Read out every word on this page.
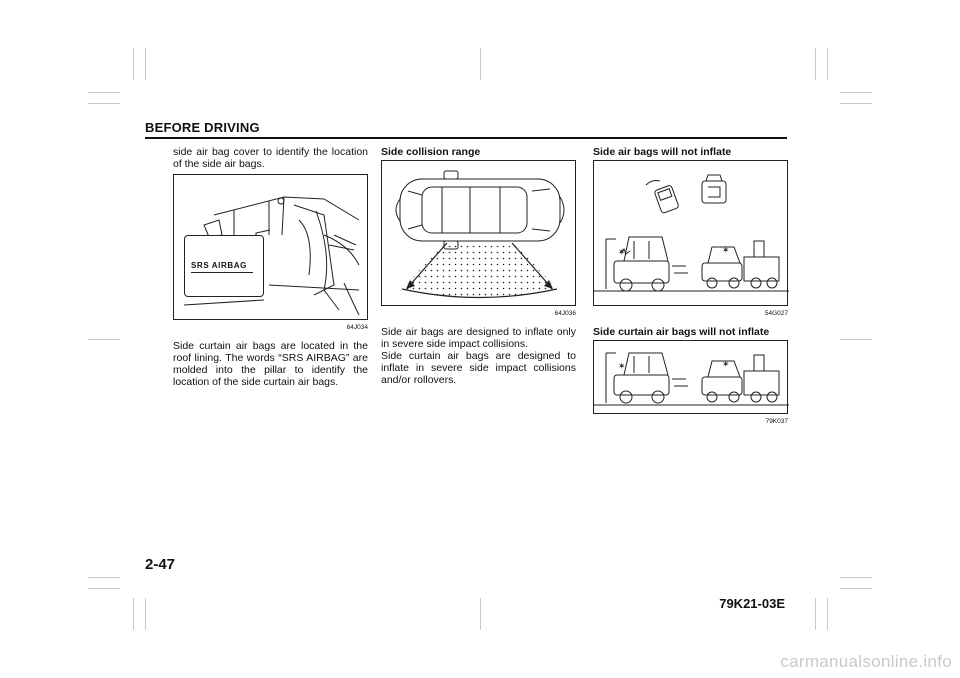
BEFORE DRIVING

side air bag cover to identify the location of the side air bags.

SRS AIRBAG
64J034

Side curtain air bags are located in the roof lining. The words “SRS AIRBAG” are molded into the pillar to identify the location of the side curtain air bags.

Side collision range
64J036

Side air bags are designed to inflate only in severe side impact collisions.

Side curtain air bags are designed to inflate in severe side impact collisions and/or rollovers.

Side air bags will not inflate
✶	✶
54G027
Side curtain air bags will not inflate
✶	✶
79K037
2-47
79K21-03E
carmanualsonline.info
